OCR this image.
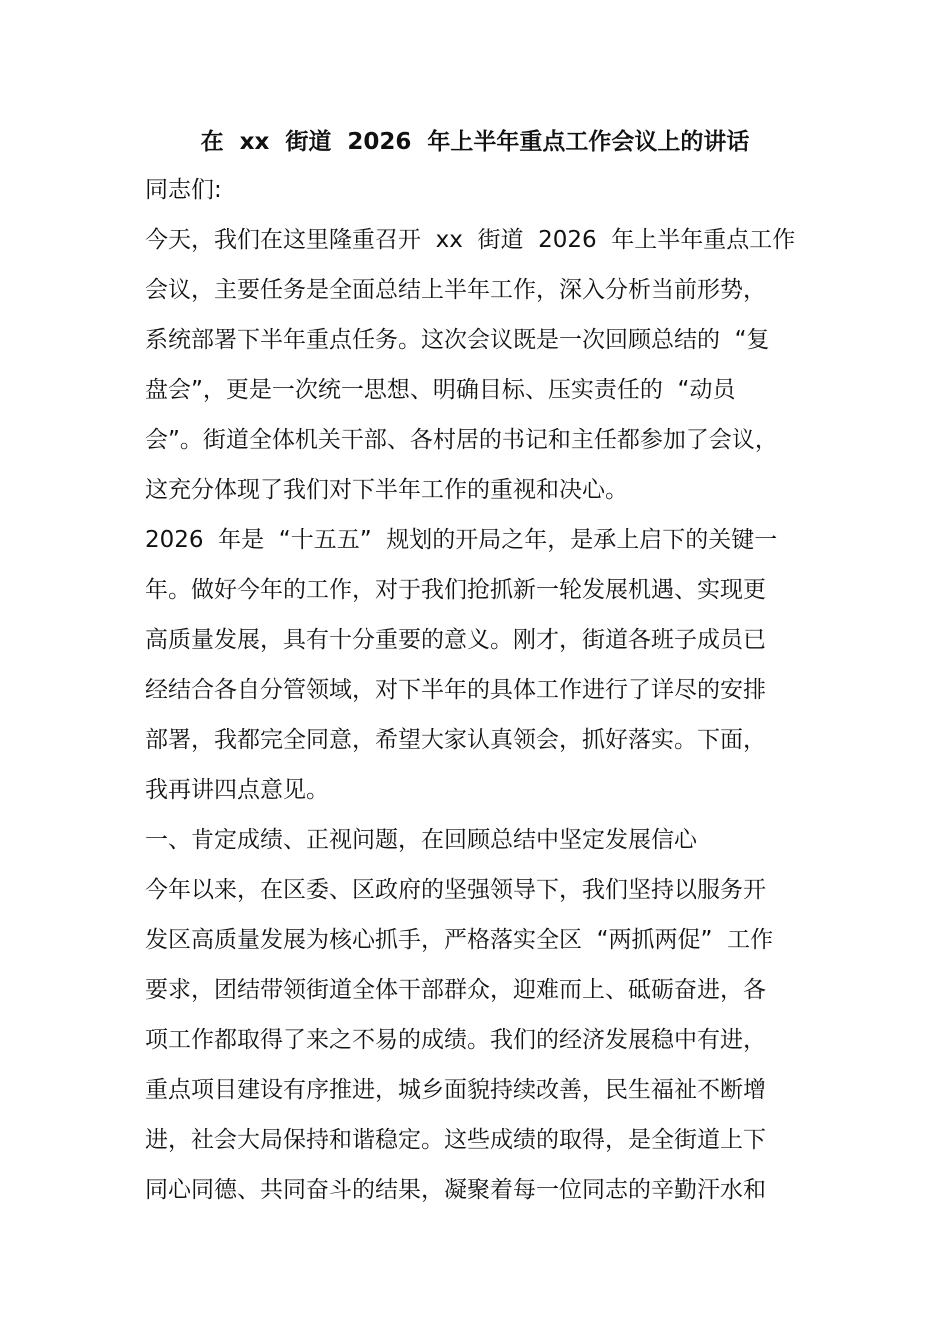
在  xx  街道  2026  年上半年重点工作会议上的讲话
同志们:
今天，我们在这里隆重召开  xx  街道  2026  年上半年重点工作
会议，主要任务是全面总结上半年工作，深入分析当前形势，
系统部署下半年重点任务。这次会议既是一次回顾总结的  “复
盘会”，更是一次统一思想、明确目标、压实责任的  “动员
会”。街道全体机关干部、各村居的书记和主任都参加了会议，
这充分体现了我们对下半年工作的重视和决心。
2026  年是  “十五五”  规划的开局之年，是承上启下的关键一
年。做好今年的工作，对于我们抢抓新一轮发展机遇、实现更
高质量发展，具有十分重要的意义。刚才，街道各班子成员已
经结合各自分管领域，对下半年的具体工作进行了详尽的安排
部署，我都完全同意，希望大家认真领会，抓好落实。下面，
我再讲四点意见。
一、肯定成绩、正视问题，在回顾总结中坚定发展信心
今年以来，在区委、区政府的坚强领导下，我们坚持以服务开
发区高质量发展为核心抓手，严格落实全区  “两抓两促”  工作
要求，团结带领街道全体干部群众，迎难而上、砥砺奋进，各
项工作都取得了来之不易的成绩。我们的经济发展稳中有进，
重点项目建设有序推进，城乡面貌持续改善，民生福祉不断增
进，社会大局保持和谐稳定。这些成绩的取得，是全街道上下
同心同德、共同奋斗的结果，凝聚着每一位同志的辛勤汗水和
